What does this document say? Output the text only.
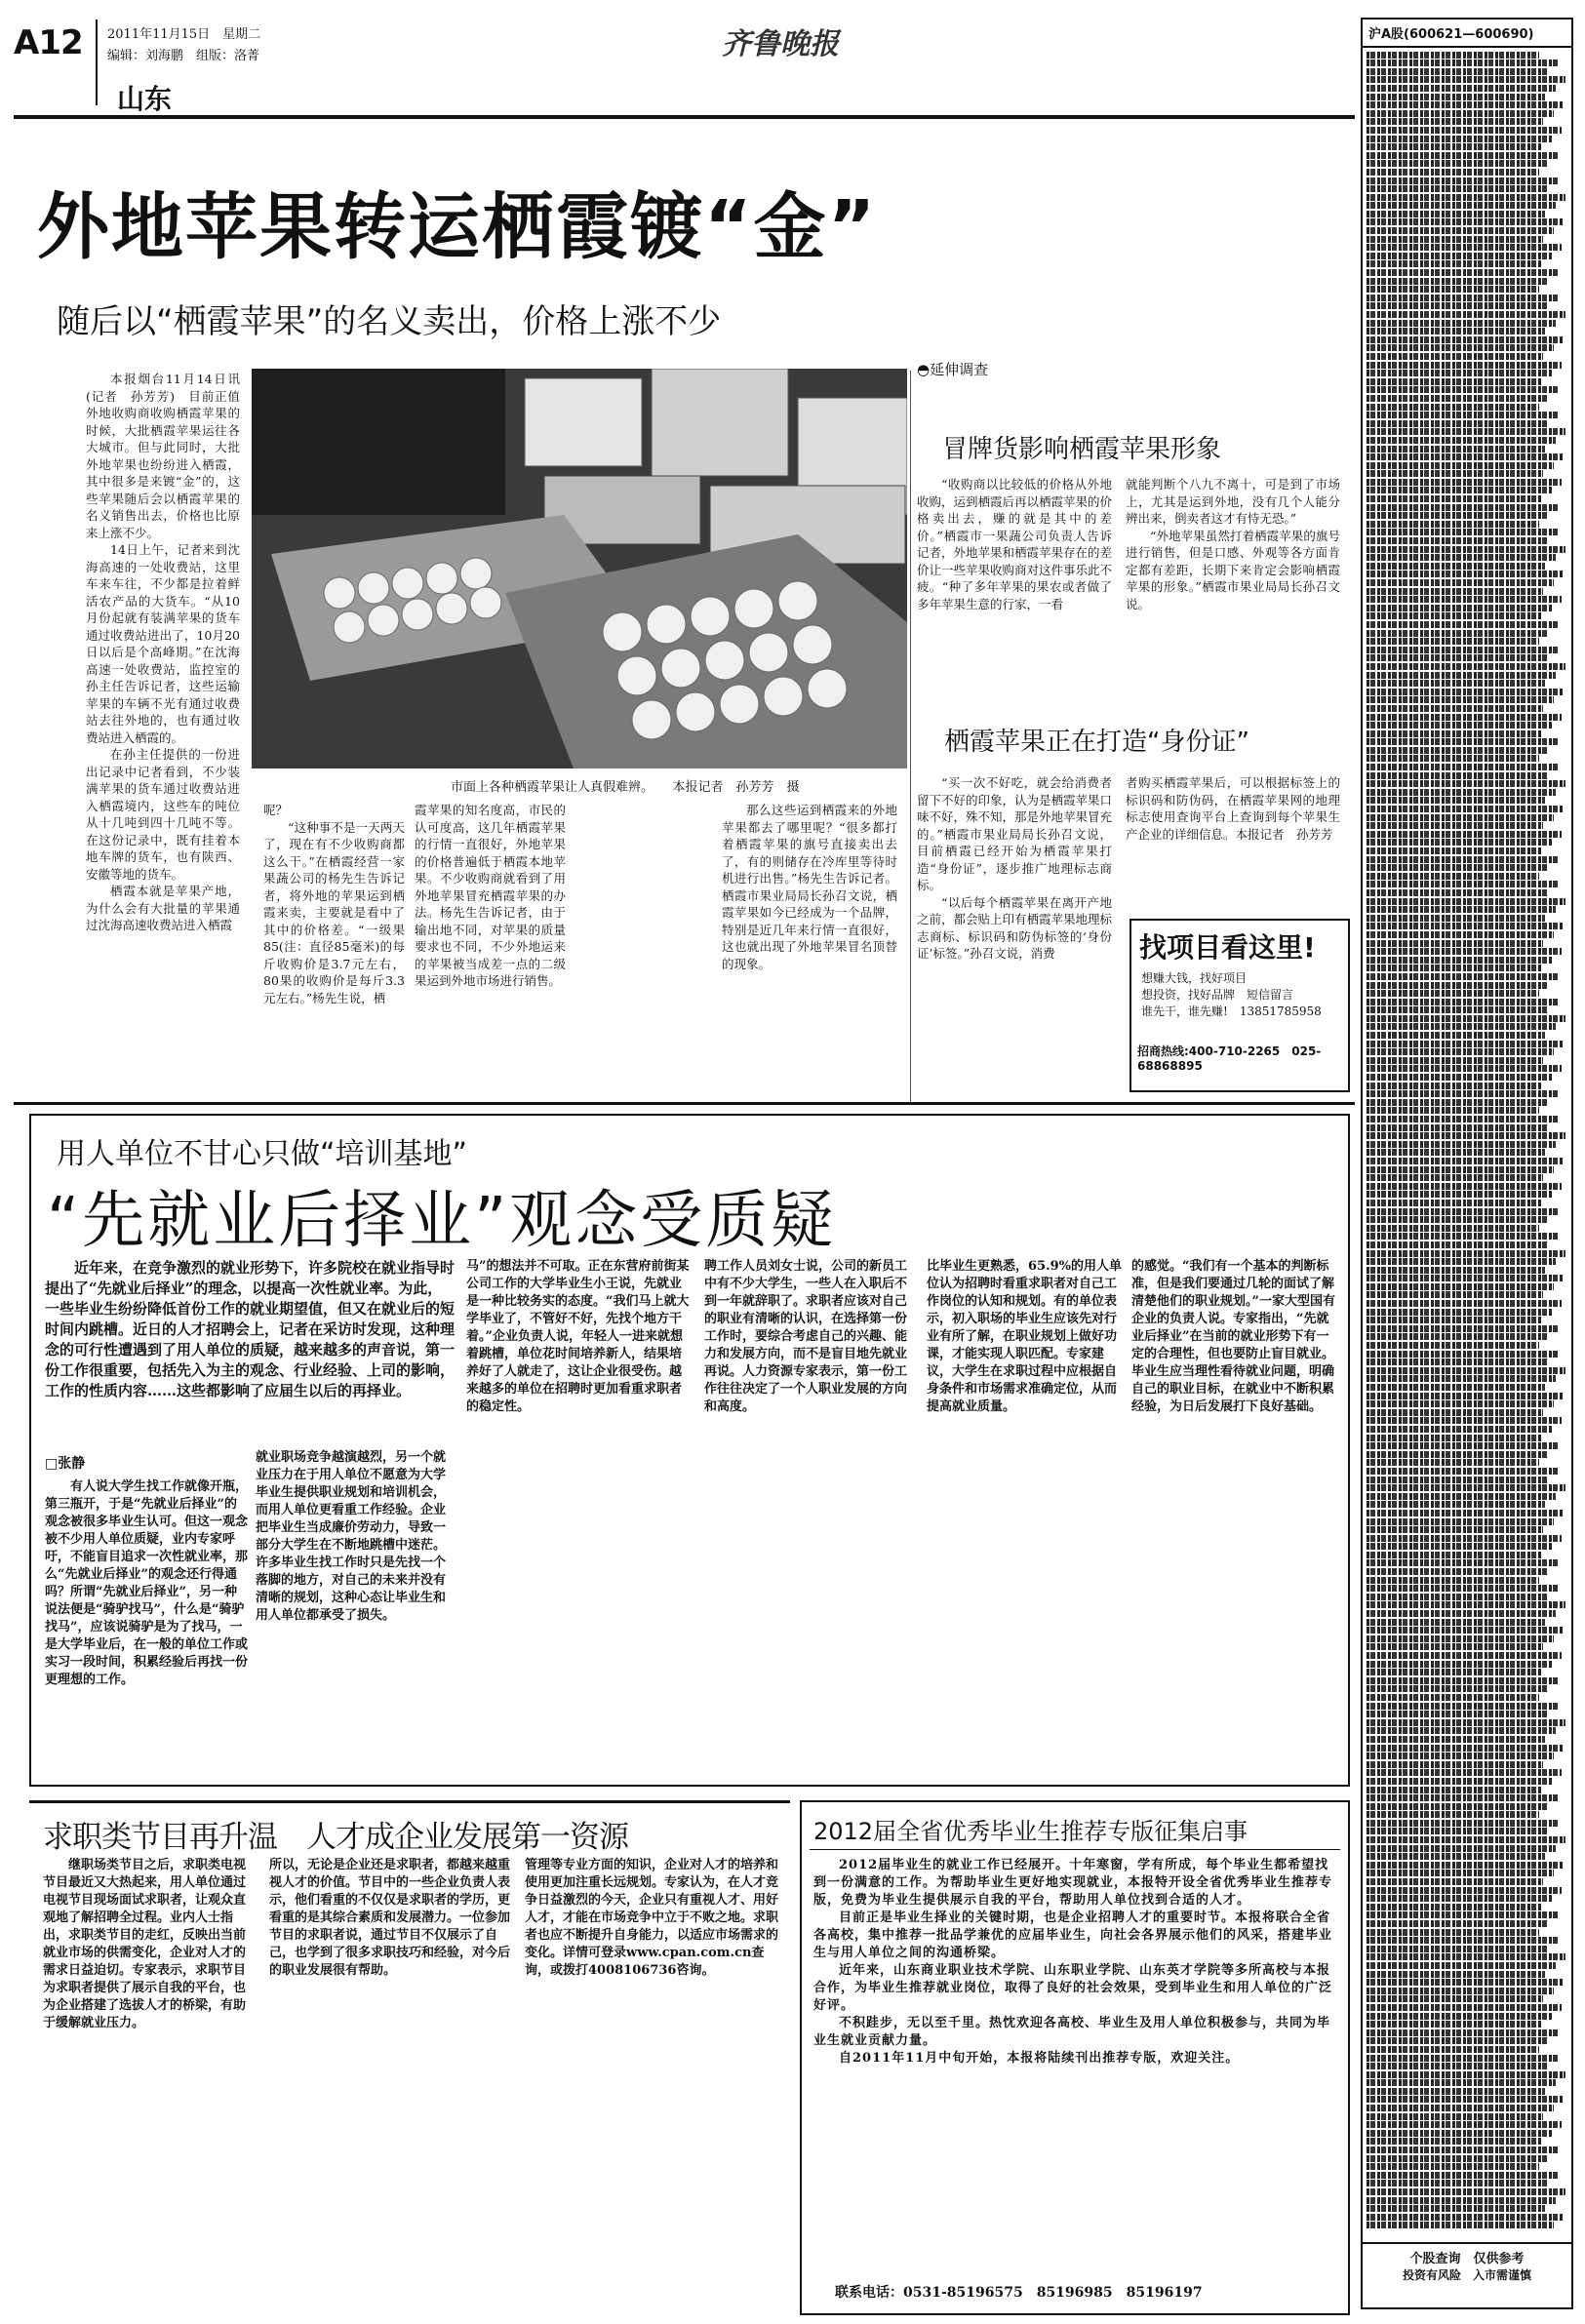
A12 2011年11月15日　星期二
编辑：刘海鹏　组版：洛菁
山东
齐鲁晚报
外地苹果转运栖霞镀“金”
随后以“栖霞苹果”的名义卖出，价格上涨不少

本报烟台11月14日讯(记者　孙芳芳)　目前正值外地收购商收购栖霞苹果的时候，大批栖霞苹果运往各大城市。但与此同时，大批外地苹果也纷纷进入栖霞，其中很多是来镀“金”的，这些苹果随后会以栖霞苹果的名义销售出去，价格也比原来上涨不少。

14日上午，记者来到沈海高速的一处收费站，这里车来车往，不少都是拉着鲜活农产品的大货车。“从10月份起就有装满苹果的货车通过收费站进出了，10月20日以后是个高峰期。”在沈海高速一处收费站，监控室的孙主任告诉记者，这些运输苹果的车辆不光有通过收费站去往外地的，也有通过收费站进入栖霞的。

在孙主任提供的一份进出记录中记者看到，不少装满苹果的货车通过收费站进入栖霞境内，这些车的吨位从十几吨到四十几吨不等。在这份记录中，既有挂着本地车牌的货车，也有陕西、安徽等地的货车。

栖霞本就是苹果产地，为什么会有大批量的苹果通过沈海高速收费站进入栖霞

市面上各种栖霞苹果让人真假难辨。　　本报记者　孙芳芳　摄

呢？

“这种事不是一天两天了，现在有不少收购商都这么干。”在栖霞经营一家果蔬公司的杨先生告诉记者，将外地的苹果运到栖霞来卖，主要就是看中了其中的价格差。“一级果85(注：直径85毫米)的每斤收购价是3.7元左右，80果的收购价是每斤3.3元左右。”杨先生说，栖

霞苹果的知名度高，市民的认可度高，这几年栖霞苹果的行情一直很好，外地苹果的价格普遍低于栖霞本地苹果。不少收购商就看到了用外地苹果冒充栖霞苹果的办法。杨先生告诉记者，由于输出地不同，对苹果的质量要求也不同，不少外地运来的苹果被当成差一点的二级果运到外地市场进行销售。

那么这些运到栖霞来的外地苹果都去了哪里呢？“很多都打着栖霞苹果的旗号直接卖出去了，有的则储存在冷库里等待时机进行出售。”杨先生告诉记者。栖霞市果业局局长孙召文说，栖霞苹果如今已经成为一个品牌，特别是近几年来行情一直很好，这也就出现了外地苹果冒名顶替的现象。

◓延伸调查
冒牌货影响栖霞苹果形象

“收购商以比较低的价格从外地收购，运到栖霞后再以栖霞苹果的价格卖出去，赚的就是其中的差价。”栖霞市一果蔬公司负责人告诉记者，外地苹果和栖霞苹果存在的差价让一些苹果收购商对这件事乐此不疲。“种了多年苹果的果农或者做了多年苹果生意的行家，一看

就能判断个八九不离十，可是到了市场上，尤其是运到外地，没有几个人能分辨出来，倒卖者这才有恃无恐。”

“外地苹果虽然打着栖霞苹果的旗号进行销售，但是口感、外观等各方面肯定都有差距，长期下来肯定会影响栖霞苹果的形象。”栖霞市果业局局长孙召文说。

栖霞苹果正在打造“身份证”

“买一次不好吃，就会给消费者留下不好的印象，认为是栖霞苹果口味不好，殊不知，那是外地苹果冒充的。”栖霞市果业局局长孙召文说，目前栖霞已经开始为栖霞苹果打造“身份证”，逐步推广地理标志商标。

“以后每个栖霞苹果在离开产地之前，都会贴上印有栖霞苹果地理标志商标、标识码和防伪标签的‘身份证’标签。”孙召文说，消费

者购买栖霞苹果后，可以根据标签上的标识码和防伪码，在栖霞苹果网的地理标志使用查询平台上查询到每个苹果生产企业的详细信息。本报记者　孙芳芳

找项目看这里!
想赚大钱，找好项目
想投资，找好品牌　短信留言
谁先干，谁先赚!　13851785958
招商热线:400-710-2265　025-68868895
用人单位不甘心只做“培训基地”
“先就业后择业”观念受质疑
近年来，在竞争激烈的就业形势下，许多院校在就业指导时提出了“先就业后择业”的理念，以提高一次性就业率。为此，一些毕业生纷纷降低首份工作的就业期望值，但又在就业后的短时间内跳槽。近日的人才招聘会上，记者在采访时发现，这种理念的可行性遭遇到了用人单位的质疑，越来越多的声音说，第一份工作很重要，包括先入为主的观念、行业经验、上司的影响，工作的性质内容……这些都影响了应届生以后的再择业。
□张静
有人说大学生找工作就像开瓶，第三瓶开，于是“先就业后择业”的观念被很多毕业生认可。但这一观念被不少用人单位质疑，业内专家呼吁，不能盲目追求一次性就业率，那么“先就业后择业”的观念还行得通吗？所谓“先就业后择业”，另一种说法便是“骑驴找马”，什么是“骑驴找马”，应该说骑驴是为了找马，一是大学毕业后，在一般的单位工作或实习一段时间，积累经验后再找一份更理想的工作。
就业职场竞争越演越烈，另一个就业压力在于用人单位不愿意为大学毕业生提供职业规划和培训机会，而用人单位更看重工作经验。企业把毕业生当成廉价劳动力，导致一部分大学生在不断地跳槽中迷茫。许多毕业生找工作时只是先找一个落脚的地方，对自己的未来并没有清晰的规划，这种心态让毕业生和用人单位都承受了损失。
马”的想法并不可取。正在东营府前街某公司工作的大学毕业生小王说，先就业是一种比较务实的态度。“我们马上就大学毕业了，不管好不好，先找个地方干着。”企业负责人说，年轻人一进来就想着跳槽，单位花时间培养新人，结果培养好了人就走了，这让企业很受伤。越来越多的单位在招聘时更加看重求职者的稳定性。
聘工作人员刘女士说，公司的新员工中有不少大学生，一些人在入职后不到一年就辞职了。求职者应该对自己的职业有清晰的认识，在选择第一份工作时，要综合考虑自己的兴趣、能力和发展方向，而不是盲目地先就业再说。人力资源专家表示，第一份工作往往决定了一个人职业发展的方向和高度。
比毕业生更熟悉，65.9%的用人单位认为招聘时看重求职者对自己工作岗位的认知和规划。有的单位表示，初入职场的毕业生应该先对行业有所了解，在职业规划上做好功课，才能实现人职匹配。专家建议，大学生在求职过程中应根据自身条件和市场需求准确定位，从而提高就业质量。
的感觉。“我们有一个基本的判断标准，但是我们要通过几轮的面试了解清楚他们的职业规划。”一家大型国有企业的负责人说。专家指出，“先就业后择业”在当前的就业形势下有一定的合理性，但也要防止盲目就业。毕业生应当理性看待就业问题，明确自己的职业目标，在就业中不断积累经验，为日后发展打下良好基础。
求职类节目再升温　人才成企业发展第一资源
继职场类节目之后，求职类电视节目最近又大热起来，用人单位通过电视节目现场面试求职者，让观众直观地了解招聘全过程。业内人士指出，求职类节目的走红，反映出当前就业市场的供需变化，企业对人才的需求日益迫切。专家表示，求职节目为求职者提供了展示自我的平台，也为企业搭建了选拔人才的桥梁，有助于缓解就业压力。
所以，无论是企业还是求职者，都越来越重视人才的价值。节目中的一些企业负责人表示，他们看重的不仅仅是求职者的学历，更看重的是其综合素质和发展潜力。一位参加节目的求职者说，通过节目不仅展示了自己，也学到了很多求职技巧和经验，对今后的职业发展很有帮助。
管理等专业方面的知识，企业对人才的培养和使用更加注重长远规划。专家认为，在人才竞争日益激烈的今天，企业只有重视人才、用好人才，才能在市场竞争中立于不败之地。求职者也应不断提升自身能力，以适应市场需求的变化。详情可登录www.cpan.com.cn查询，或拨打4008106736咨询。
2012届全省优秀毕业生推荐专版征集启事

2012届毕业生的就业工作已经展开。十年寒窗，学有所成，每个毕业生都希望找到一份满意的工作。为帮助毕业生更好地实现就业，本报特开设全省优秀毕业生推荐专版，免费为毕业生提供展示自我的平台，帮助用人单位找到合适的人才。

目前正是毕业生择业的关键时期，也是企业招聘人才的重要时节。本报将联合全省各高校，集中推荐一批品学兼优的应届毕业生，向社会各界展示他们的风采，搭建毕业生与用人单位之间的沟通桥梁。

近年来，山东商业职业技术学院、山东职业学院、山东英才学院等多所高校与本报合作，为毕业生推荐就业岗位，取得了良好的社会效果，受到毕业生和用人单位的广泛好评。

不积跬步，无以至千里。热忱欢迎各高校、毕业生及用人单位积极参与，共同为毕业生就业贡献力量。

自2011年11月中旬开始，本报将陆续刊出推荐专版，欢迎关注。

联系电话：0531-85196575　85196985　85196197
沪A股(600621—600690)
个股查询　仅供参考
投资有风险　入市需谨慎
